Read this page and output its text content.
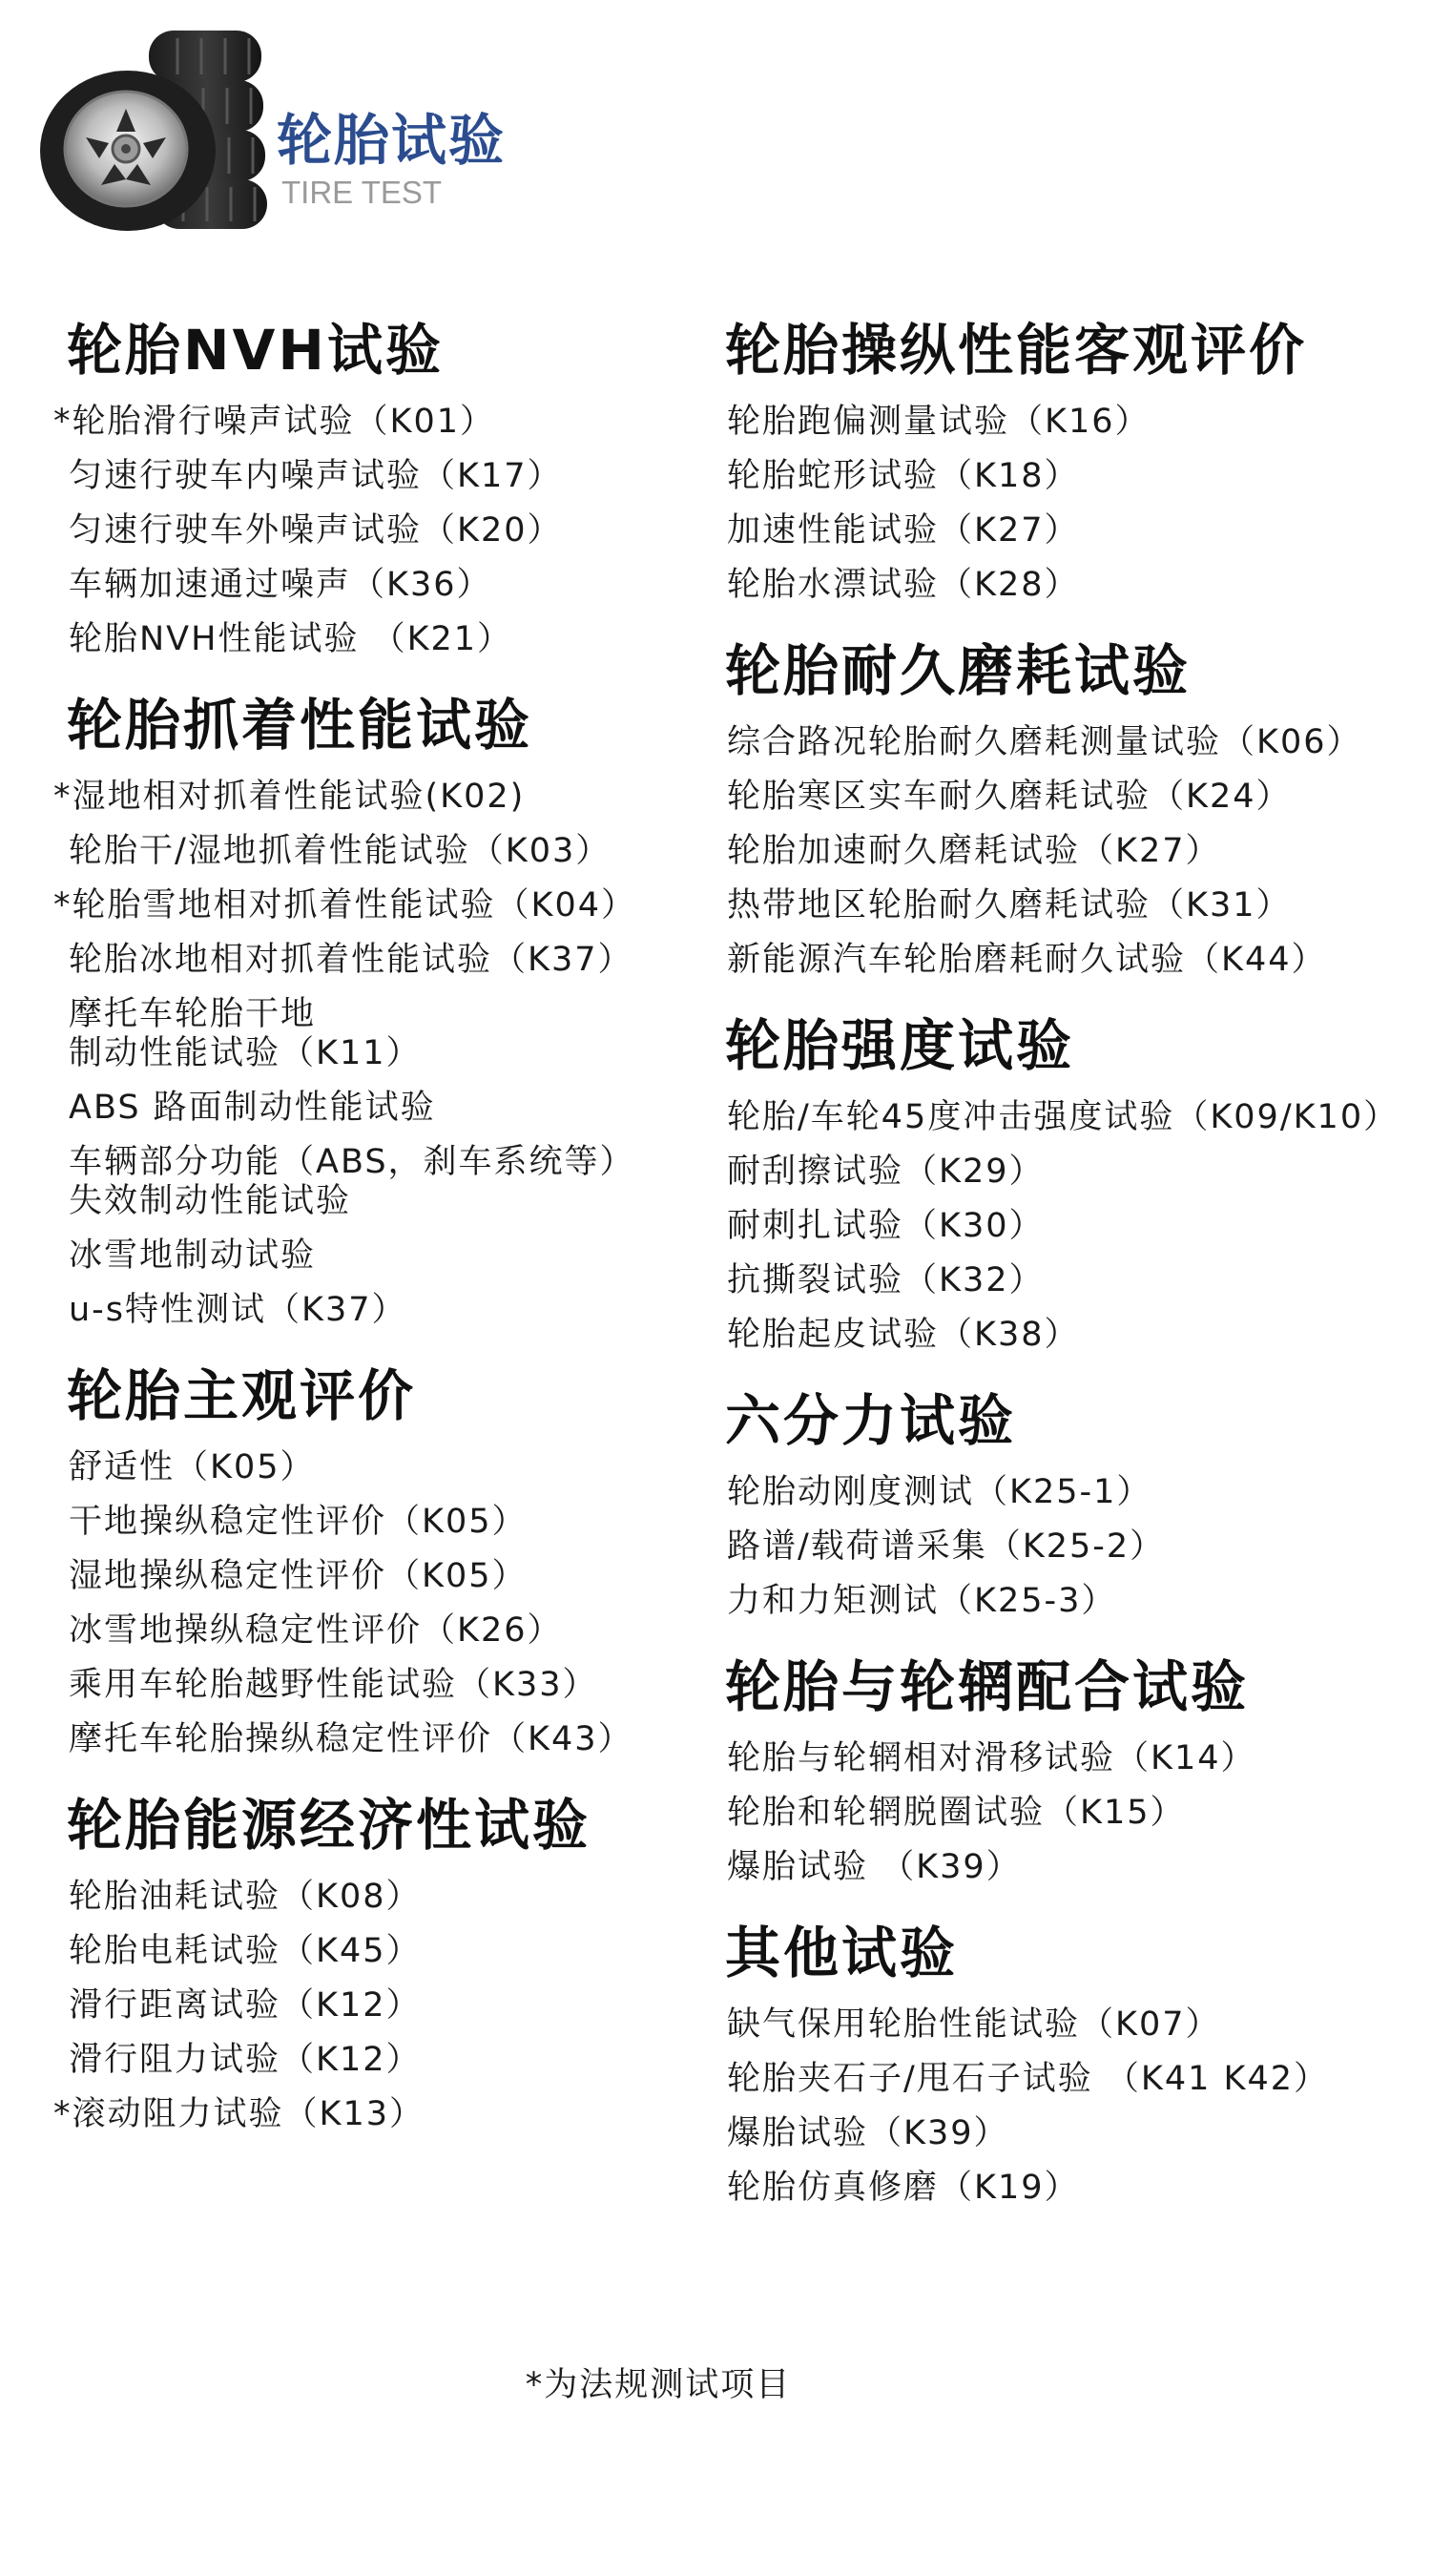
轮胎试验
TIRE TEST
轮胎NVH试验
*轮胎滑行噪声试验（K01）
匀速行驶车内噪声试验（K17）
匀速行驶车外噪声试验（K20）
车辆加速通过噪声（K36）
轮胎NVH性能试验 （K21）
轮胎抓着性能试验
*湿地相对抓着性能试验(K02)
轮胎干/湿地抓着性能试验（K03）
*轮胎雪地相对抓着性能试验（K04）
轮胎冰地相对抓着性能试验（K37）
摩托车轮胎干地
制动性能试验（K11）
ABS 路面制动性能试验
车辆部分功能（ABS，刹车系统等）
失效制动性能试验
冰雪地制动试验
u-s特性测试（K37）
轮胎主观评价
舒适性（K05）
干地操纵稳定性评价（K05）
湿地操纵稳定性评价（K05）
冰雪地操纵稳定性评价（K26）
乘用车轮胎越野性能试验（K33）
摩托车轮胎操纵稳定性评价（K43）
轮胎能源经济性试验
轮胎油耗试验（K08）
轮胎电耗试验（K45）
滑行距离试验（K12）
滑行阻力试验（K12）
*滚动阻力试验（K13）
轮胎操纵性能客观评价
轮胎跑偏测量试验（K16）
轮胎蛇形试验（K18）
加速性能试验（K27）
轮胎水漂试验（K28）
轮胎耐久磨耗试验
综合路况轮胎耐久磨耗测量试验（K06）
轮胎寒区实车耐久磨耗试验（K24）
轮胎加速耐久磨耗试验（K27）
热带地区轮胎耐久磨耗试验（K31）
新能源汽车轮胎磨耗耐久试验（K44）
轮胎强度试验
轮胎/车轮45度冲击强度试验（K09/K10）
耐刮擦试验（K29）
耐刺扎试验（K30）
抗撕裂试验（K32）
轮胎起皮试验（K38）
六分力试验
轮胎动刚度测试（K25-1）
路谱/载荷谱采集（K25-2）
力和力矩测试（K25-3）
轮胎与轮辋配合试验
轮胎与轮辋相对滑移试验（K14）
轮胎和轮辋脱圈试验（K15）
爆胎试验 （K39）
其他试验
缺气保用轮胎性能试验（K07）
轮胎夹石子/甩石子试验 （K41 K42）
爆胎试验（K39）
轮胎仿真修磨（K19）
*为法规测试项目
